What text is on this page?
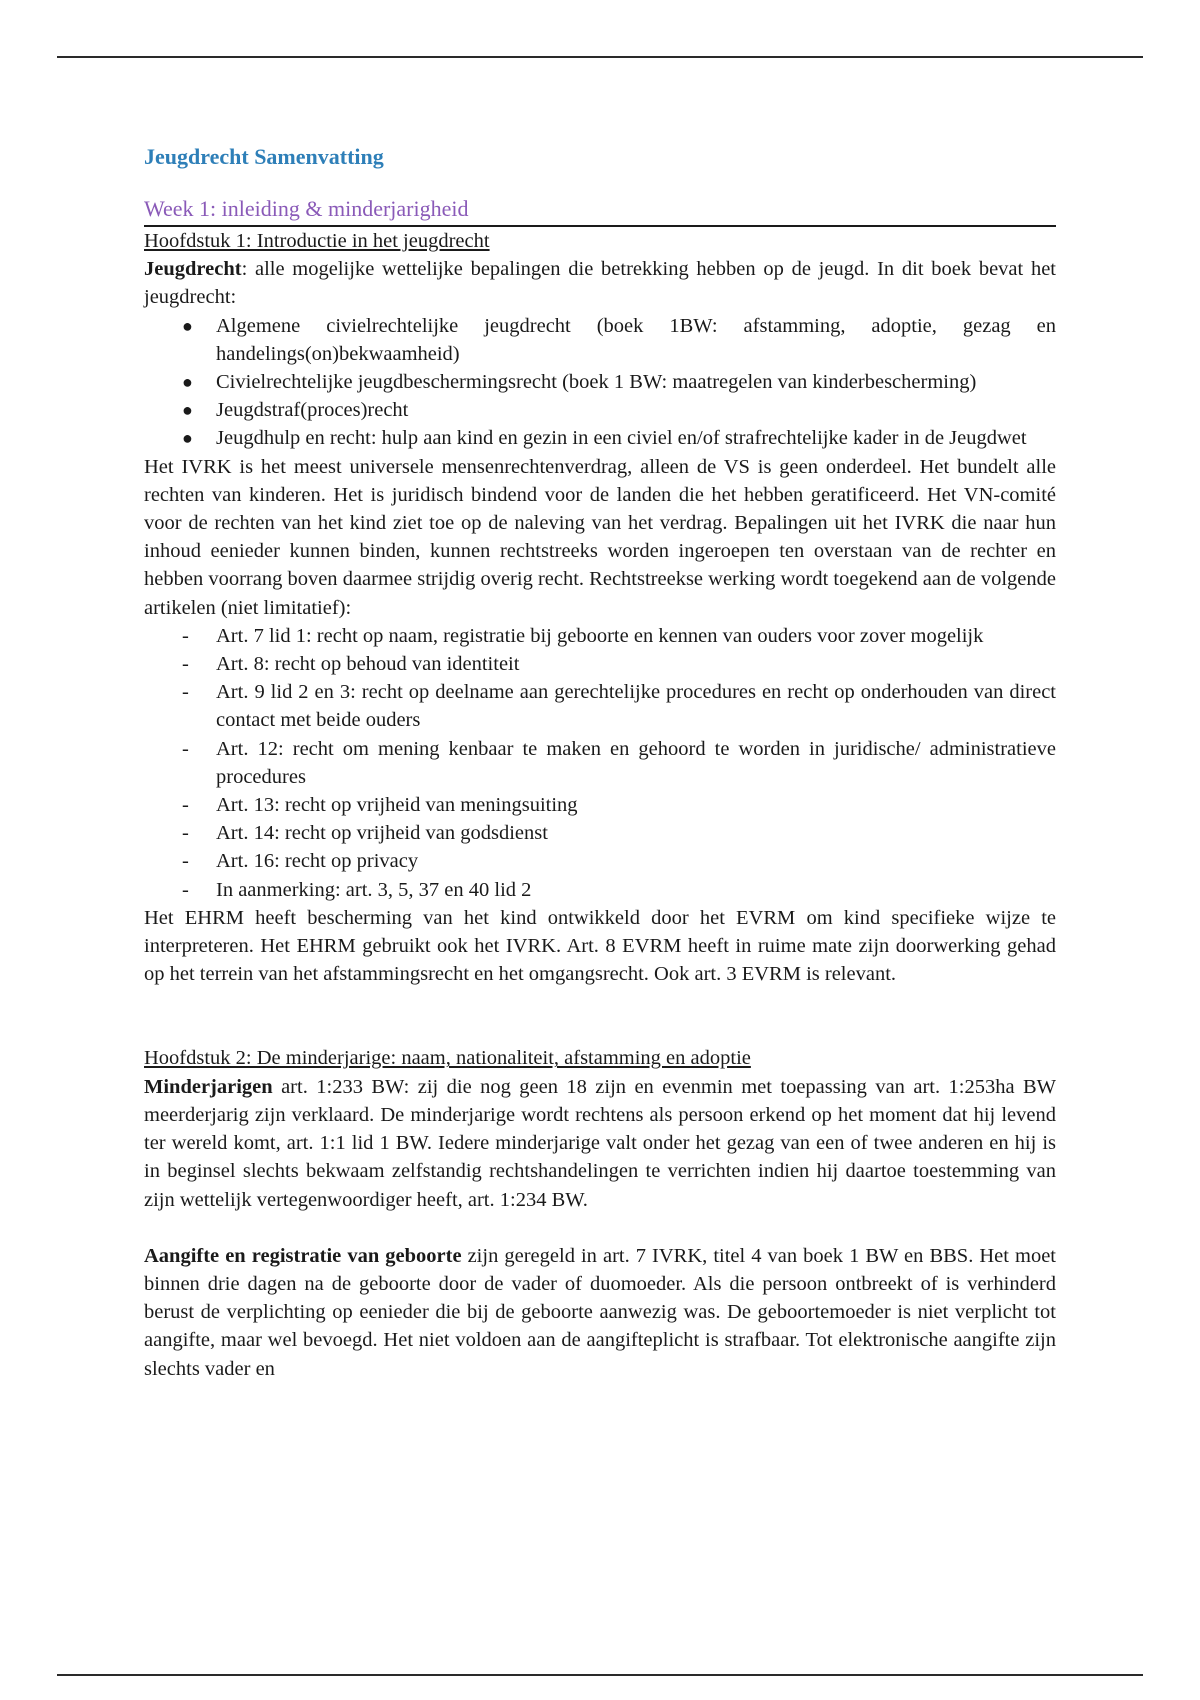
Jeugdrecht Samenvatting
Week 1: inleiding & minderjarigheid
Hoofdstuk 1: Introductie in het jeugdrecht

Jeugdrecht: alle mogelijke wettelijke bepalingen die betrekking hebben op de jeugd. In dit boek bevat het jeugdrecht:

● Algemene civielrechtelijke jeugdrecht (boek 1BW: afstamming, adoptie, gezag en handelings(on)bekwaamheid)
● Civielrechtelijke jeugdbeschermingsrecht (boek 1 BW: maatregelen van kinderbescherming)
● Jeugdstraf(proces)recht
● Jeugdhulp en recht: hulp aan kind en gezin in een civiel en/of strafrechtelijke kader in de Jeugdwet

Het IVRK is het meest universele mensenrechtenverdrag, alleen de VS is geen onderdeel. Het bundelt alle rechten van kinderen. Het is juridisch bindend voor de landen die het hebben geratificeerd. Het VN-comité voor de rechten van het kind ziet toe op de naleving van het verdrag. Bepalingen uit het IVRK die naar hun inhoud eenieder kunnen binden, kunnen rechtstreeks worden ingeroepen ten overstaan van de rechter en hebben voorrang boven daarmee strijdig overig recht. Rechtstreekse werking wordt toegekend aan de volgende artikelen (niet limitatief):

- Art. 7 lid 1: recht op naam, registratie bij geboorte en kennen van ouders voor zover mogelijk
- Art. 8: recht op behoud van identiteit
- Art. 9 lid 2 en 3: recht op deelname aan gerechtelijke procedures en recht op onderhouden van direct contact met beide ouders
- Art. 12: recht om mening kenbaar te maken en gehoord te worden in juridische/ administratieve procedures
- Art. 13: recht op vrijheid van meningsuiting
- Art. 14: recht op vrijheid van godsdienst
- Art. 16: recht op privacy
- In aanmerking: art. 3, 5, 37 en 40 lid 2

Het EHRM heeft bescherming van het kind ontwikkeld door het EVRM om kind specifieke wijze te interpreteren. Het EHRM gebruikt ook het IVRK. Art. 8 EVRM heeft in ruime mate zijn doorwerking gehad op het terrein van het afstammingsrecht en het omgangsrecht. Ook art. 3 EVRM is relevant.

Hoofdstuk 2: De minderjarige: naam, nationaliteit, afstamming en adoptie

Minderjarigen art. 1:233 BW: zij die nog geen 18 zijn en evenmin met toepassing van art. 1:253ha BW meerderjarig zijn verklaard. De minderjarige wordt rechtens als persoon erkend op het moment dat hij levend ter wereld komt, art. 1:1 lid 1 BW. Iedere minderjarige valt onder het gezag van een of twee anderen en hij is in beginsel slechts bekwaam zelfstandig rechtshandelingen te verrichten indien hij daartoe toestemming van zijn wettelijk vertegenwoordiger heeft, art. 1:234 BW.

Aangifte en registratie van geboorte zijn geregeld in art. 7 IVRK, titel 4 van boek 1 BW en BBS. Het moet binnen drie dagen na de geboorte door de vader of duomoeder. Als die persoon ontbreekt of is verhinderd berust de verplichting op eenieder die bij de geboorte aanwezig was. De geboortemoeder is niet verplicht tot aangifte, maar wel bevoegd. Het niet voldoen aan de aangifteplicht is strafbaar. Tot elektronische aangifte zijn slechts vader en
